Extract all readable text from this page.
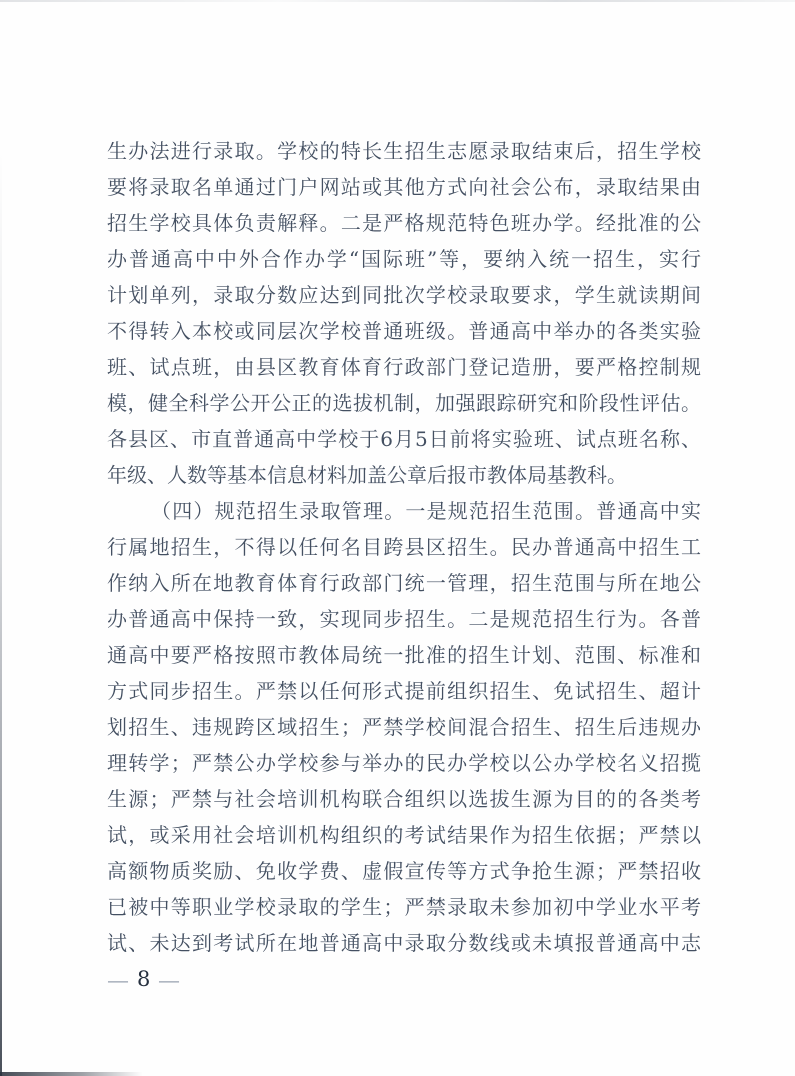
生办法进行录取。学校的特长生招生志愿录取结束后，招生学校
要将录取名单通过门户网站或其他方式向社会公布，录取结果由
招生学校具体负责解释。二是严格规范特色班办学。经批准的公
办普通高中中外合作办学“国际班”等，要纳入统一招生，实行
计划单列，录取分数应达到同批次学校录取要求，学生就读期间
不得转入本校或同层次学校普通班级。普通高中举办的各类实验
班、试点班，由县区教育体育行政部门登记造册，要严格控制规
模，健全科学公开公正的选拔机制，加强跟踪研究和阶段性评估。
各县区、市直普通高中学校于6月5日前将实验班、试点班名称、
年级、人数等基本信息材料加盖公章后报市教体局基教科。
（四）规范招生录取管理。一是规范招生范围。普通高中实
行属地招生，不得以任何名目跨县区招生。民办普通高中招生工
作纳入所在地教育体育行政部门统一管理，招生范围与所在地公
办普通高中保持一致，实现同步招生。二是规范招生行为。各普
通高中要严格按照市教体局统一批准的招生计划、范围、标准和
方式同步招生。严禁以任何形式提前组织招生、免试招生、超计
划招生、违规跨区域招生；严禁学校间混合招生、招生后违规办
理转学；严禁公办学校参与举办的民办学校以公办学校名义招揽
生源；严禁与社会培训机构联合组织以选拔生源为目的的各类考
试，或采用社会培训机构组织的考试结果作为招生依据；严禁以
高额物质奖励、免收学费、虚假宣传等方式争抢生源；严禁招收
已被中等职业学校录取的学生；严禁录取未参加初中学业水平考
试、未达到考试所在地普通高中录取分数线或未填报普通高中志
— 8 —
